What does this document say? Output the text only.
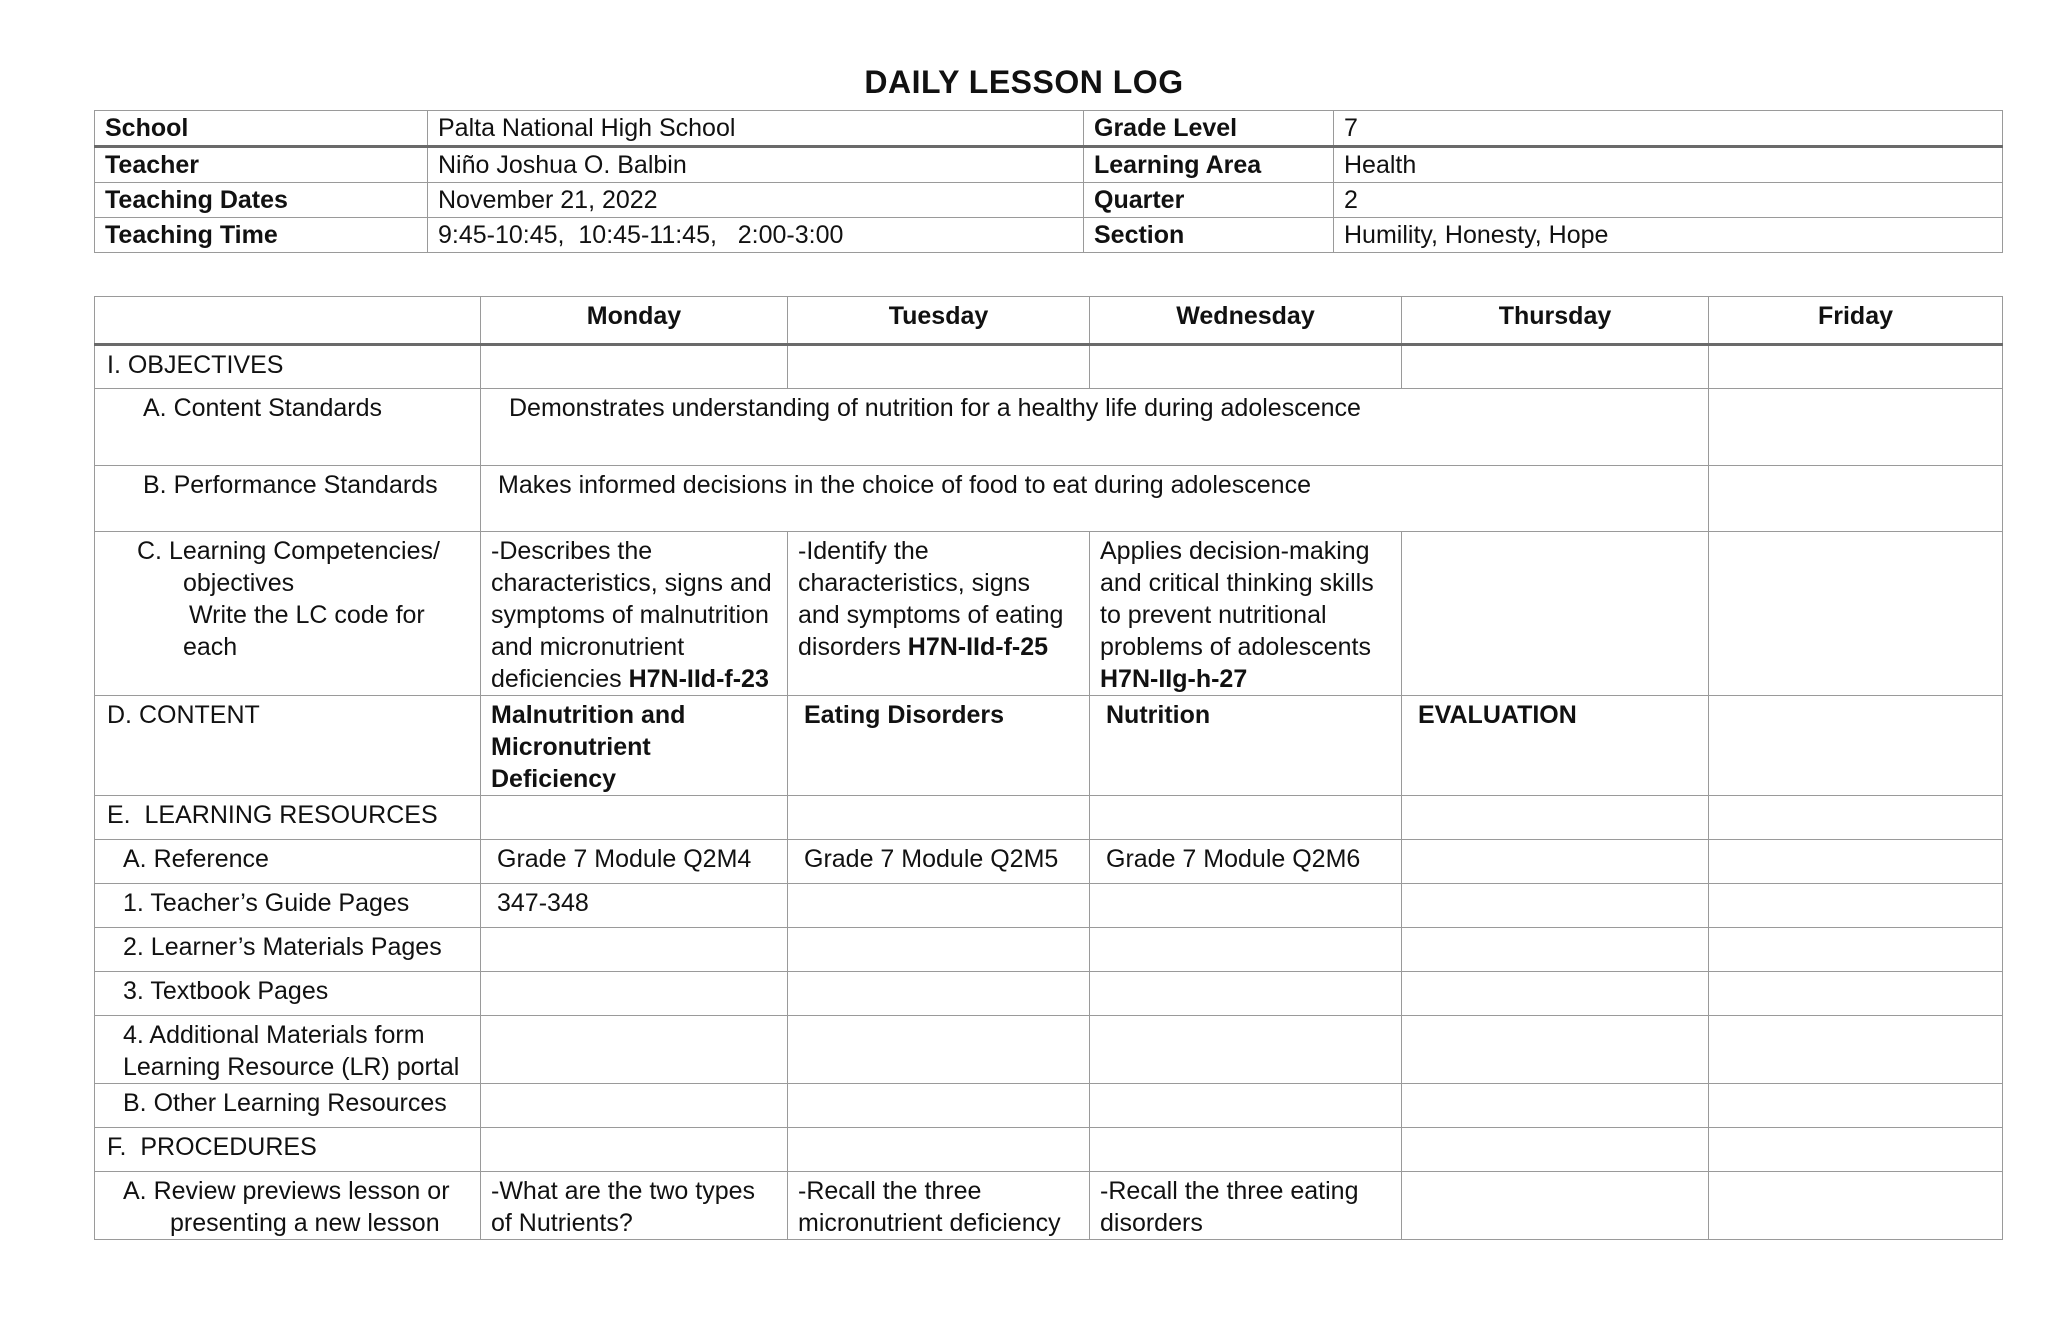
DAILY LESSON LOG
School	Palta National High School	Grade Level	7
Teacher	Niño Joshua O. Balbin	Learning Area	Health
Teaching Dates	November 21, 2022	Quarter	2
Teaching Time	9:45-10:45,  10:45-11:45,   2:00-3:00	Section	Humility, Honesty, Hope
	Monday	Tuesday	Wednesday	Thursday	Friday
I. OBJECTIVES					
A. Content Standards	Demonstrates understanding of nutrition for a healthy life during adolescence				
B. Performance Standards	Makes informed decisions in the choice of food to eat during adolescence				

C. Learning Competencies/
objectives
Write the LC code for
each	-Describes the characteristics, signs and symptoms of malnutrition and micronutrient deficiencies H7N-IId-f-23	-Identify the characteristics, signs and symptoms of eating disorders H7N-IId-f-25	Applies decision-making and critical thinking skills to prevent nutritional problems of adolescents H7N-IIg-h-27		
D. CONTENT	Malnutrition and Micronutrient Deficiency	Eating Disorders	Nutrition	EVALUATION	
E.  LEARNING RESOURCES					
A. Reference	Grade 7 Module Q2M4	Grade 7 Module Q2M5	Grade 7 Module Q2M6		
1. Teacher’s Guide Pages	347-348				
2. Learner’s Materials Pages					
3. Textbook Pages					

4. Additional Materials form
Learning Resource (LR) portal					

B. Other Learning Resources					
F.  PROCEDURES					

A. Review previews lesson or
presenting a new lesson	-What are the two types of Nutrients?	-Recall the three micronutrient deficiency	-Recall the three eating disorders		
